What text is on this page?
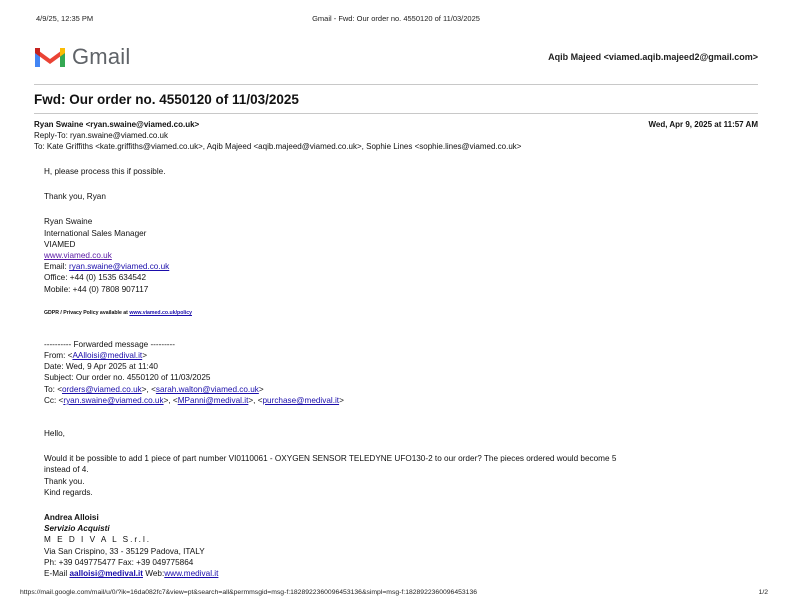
4/9/25, 12:35 PM	Gmail - Fwd: Our order no. 4550120 of 11/03/2025
Gmail	Aqib Majeed <viamed.aqib.majeed2@gmail.com>
Fwd: Our order no. 4550120 of 11/03/2025
Ryan Swaine <ryan.swaine@viamed.co.uk>	Wed, Apr 9, 2025 at 11:57 AM
Reply-To: ryan.swaine@viamed.co.uk
To: Kate Griffiths <kate.griffiths@viamed.co.uk>, Aqib Majeed <aqib.majeed@viamed.co.uk>, Sophie Lines <sophie.lines@viamed.co.uk>

H, please process this if possible.

Thank you, Ryan

Ryan Swaine

International Sales Manager

VIAMED

www.viamed.co.uk

Email: ryan.swaine@viamed.co.uk

Office: +44 (0) 1535 634542

Mobile: +44 (0) 7808 907117

GDPR / Privacy Policy available at www.viamed.co.uk/policy

---------- Forwarded message ---------

From: <AAlloisi@medival.it>

Date: Wed, 9 Apr 2025 at 11:40

Subject: Our order no. 4550120 of 11/03/2025

To: <orders@viamed.co.uk>, <sarah.walton@viamed.co.uk>

Cc: <ryan.swaine@viamed.co.uk>, <MPanni@medival.it>, <purchase@medival.it>

Hello,

Would it be possible to add 1 piece of part number VI0110061 - OXYGEN SENSOR TELEDYNE UFO130-2 to our order? The pieces ordered would become 5

instead of 4.

Thank you.

Kind regards.

Andrea Alloisi

Servizio Acquisti

M E D I V A L S.r.l.

Via San Crispino, 33 - 35129 Padova, ITALY

Ph: +39 049775477 Fax: +39 049775864

E-Mail aalloisi@medival.it Web:www.medival.it

https://mail.google.com/mail/u/0/?ik=16da082fc7&view=pt&search=all&permmsgid=msg-f:1828922360096453136&simpl=msg-f:1828922360096453136	1/2
